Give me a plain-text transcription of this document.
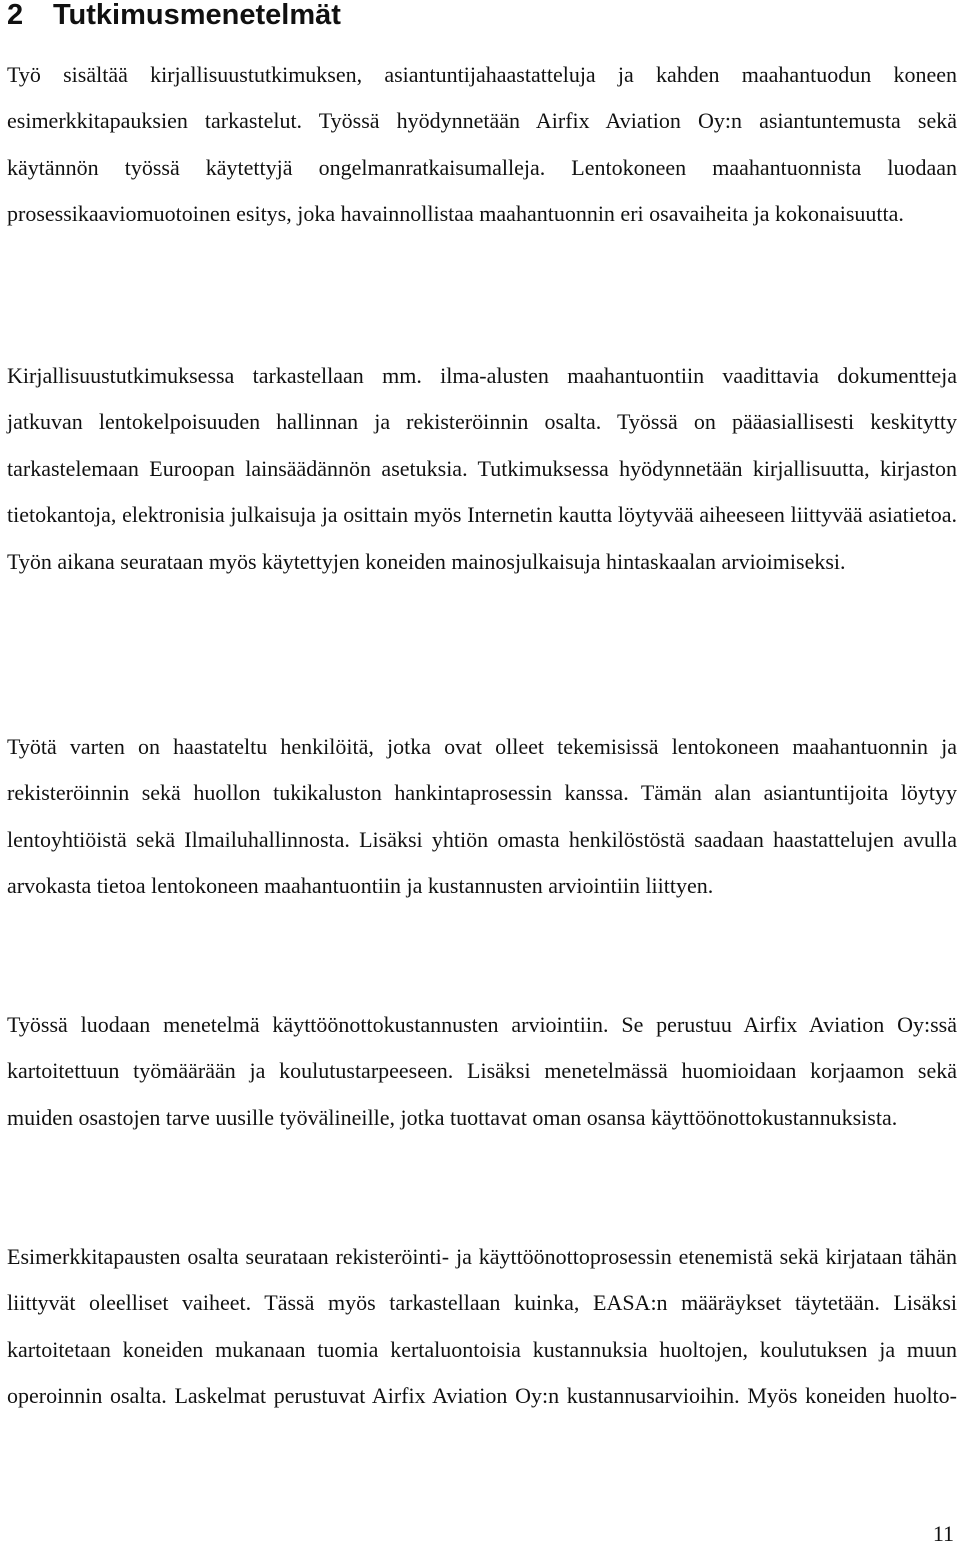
2 Tutkimusmenetelmät

Työ sisältää kirjallisuustutkimuksen, asiantuntijahaastatteluja ja kahden maahantuodun koneen esimerkkitapauksien tarkastelut. Työssä hyödynnetään Airfix Aviation Oy:n asiantuntemusta sekä käytännön työssä käytettyjä ongelmanratkaisumalleja. Lentokoneen maahantuonnista luodaan prosessikaaviomuotoinen esitys, joka havainnollistaa maahantuonnin eri osavaiheita ja kokonaisuutta.

Kirjallisuustutkimuksessa tarkastellaan mm. ilma-alusten maahantuontiin vaadittavia dokumentteja jatkuvan lentokelpoisuuden hallinnan ja rekisteröinnin osalta. Työssä on pääasiallisesti keskitytty tarkastelemaan Euroopan lainsäädännön asetuksia. Tutkimuksessa hyödynnetään kirjallisuutta, kirjaston tietokantoja, elektronisia julkaisuja ja osittain myös Internetin kautta löytyvää aiheeseen liittyvää asiatietoa. Työn aikana seurataan myös käytettyjen koneiden mainosjulkaisuja hintaskaalan arvioimiseksi.

Työtä varten on haastateltu henkilöitä, jotka ovat olleet tekemisissä lentokoneen maahantuonnin ja rekisteröinnin sekä huollon tukikaluston hankintaprosessin kanssa. Tämän alan asiantuntijoita löytyy lentoyhtiöistä sekä Ilmailuhallinnosta. Lisäksi yhtiön omasta henkilöstöstä saadaan haastattelujen avulla arvokasta tietoa lentokoneen maahantuontiin ja kustannusten arviointiin liittyen.

Työssä luodaan menetelmä käyttöönottokustannusten arviointiin. Se perustuu Airfix Aviation Oy:ssä kartoitettuun työmäärään ja koulutustarpeeseen. Lisäksi menetelmässä huomioidaan korjaamon sekä muiden osastojen tarve uusille työvälineille, jotka tuottavat oman osansa käyttöönottokustannuksista.

Esimerkkitapausten osalta seurataan rekisteröinti- ja käyttöönottoprosessin etenemistä sekä kirjataan tähän liittyvät oleelliset vaiheet. Tässä myös tarkastellaan kuinka, EASA:n määräykset täytetään. Lisäksi kartoitetaan koneiden mukanaan tuomia kertaluontoisia kustannuksia huoltojen, koulutuksen ja muun operoinnin osalta. Laskelmat perustuvat Airfix Aviation Oy:n kustannusarvioihin. Myös koneiden huolto-

11
